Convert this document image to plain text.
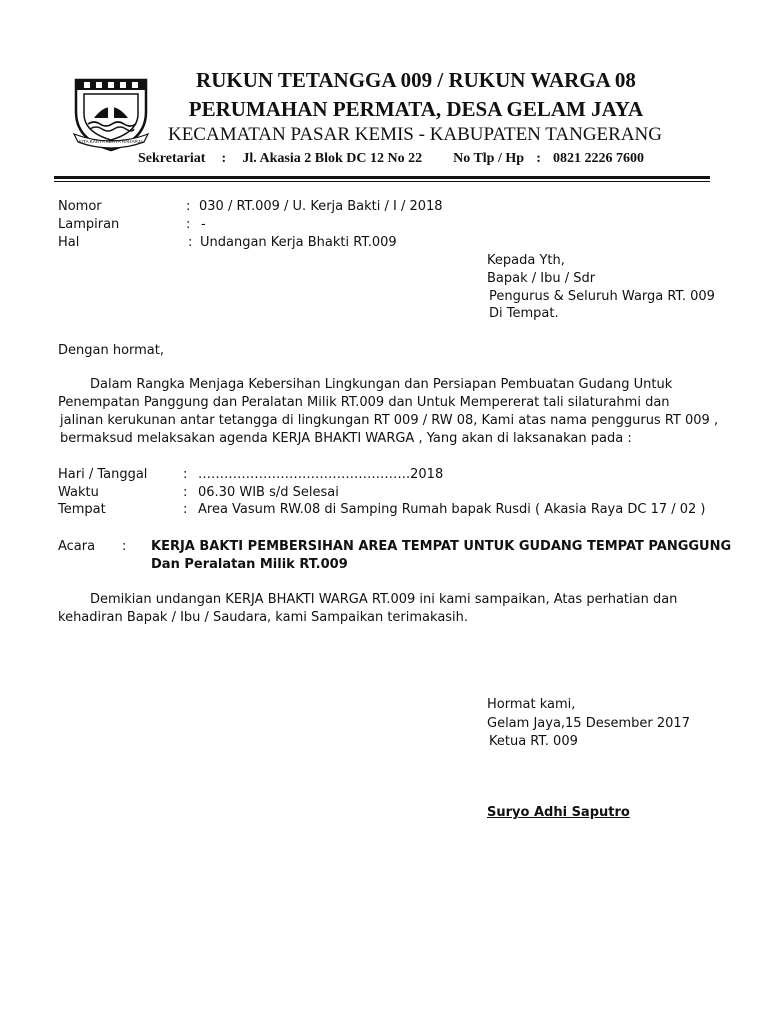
KITA KARYA KERTA RAHARJA
RUKUN TETANGGA 009 / RUKUN WARGA 08
PERUMAHAN PERMATA, DESA GELAM JAYA
KECAMATAN PASAR KEMIS - KABUPATEN TANGERANG
Sekretariat : Jl. Akasia 2 Blok DC 12 No 22 No Tlp / Hp : 0821 2226 7600
Nomor	: 030 / RT.009 / U. Kerja Bakti / I / 2018
Lampiran	: -
Hal	: Undangan Kerja Bhakti RT.009
Kepada Yth,
Bapak / Ibu / Sdr
Pengurus & Seluruh Warga RT. 009
Di Tempat.
Dengan hormat,
Dalam Rangka Menjaga Kebersihan Lingkungan dan Persiapan Pembuatan Gudang Untuk
Penempatan Panggung dan Peralatan Milik RT.009 dan Untuk Mempererat tali silaturahmi dan
jalinan kerukunan antar tetangga di lingkungan RT 009 / RW 08, Kami atas nama penggurus RT 009 ,
bermaksud melaksakan agenda KERJA BHAKTI WARGA , Yang akan di laksanakan pada :
Hari / Tanggal	: ………………………………………….2018
Waktu	: 06.30 WIB s/d Selesai
Tempat	: Area Vasum RW.08 di Samping Rumah bapak Rusdi ( Akasia Raya DC 17 / 02 )
Acara : KERJA BAKTI PEMBERSIHAN AREA TEMPAT UNTUK GUDANG TEMPAT PANGGUNG
Dan Peralatan Milik RT.009
Demikian undangan KERJA BHAKTI WARGA RT.009 ini kami sampaikan, Atas perhatian dan
kehadiran Bapak / Ibu / Saudara, kami Sampaikan terimakasih.
Hormat kami,
Gelam Jaya,15 Desember 2017
Ketua RT. 009
Suryo Adhi Saputro
